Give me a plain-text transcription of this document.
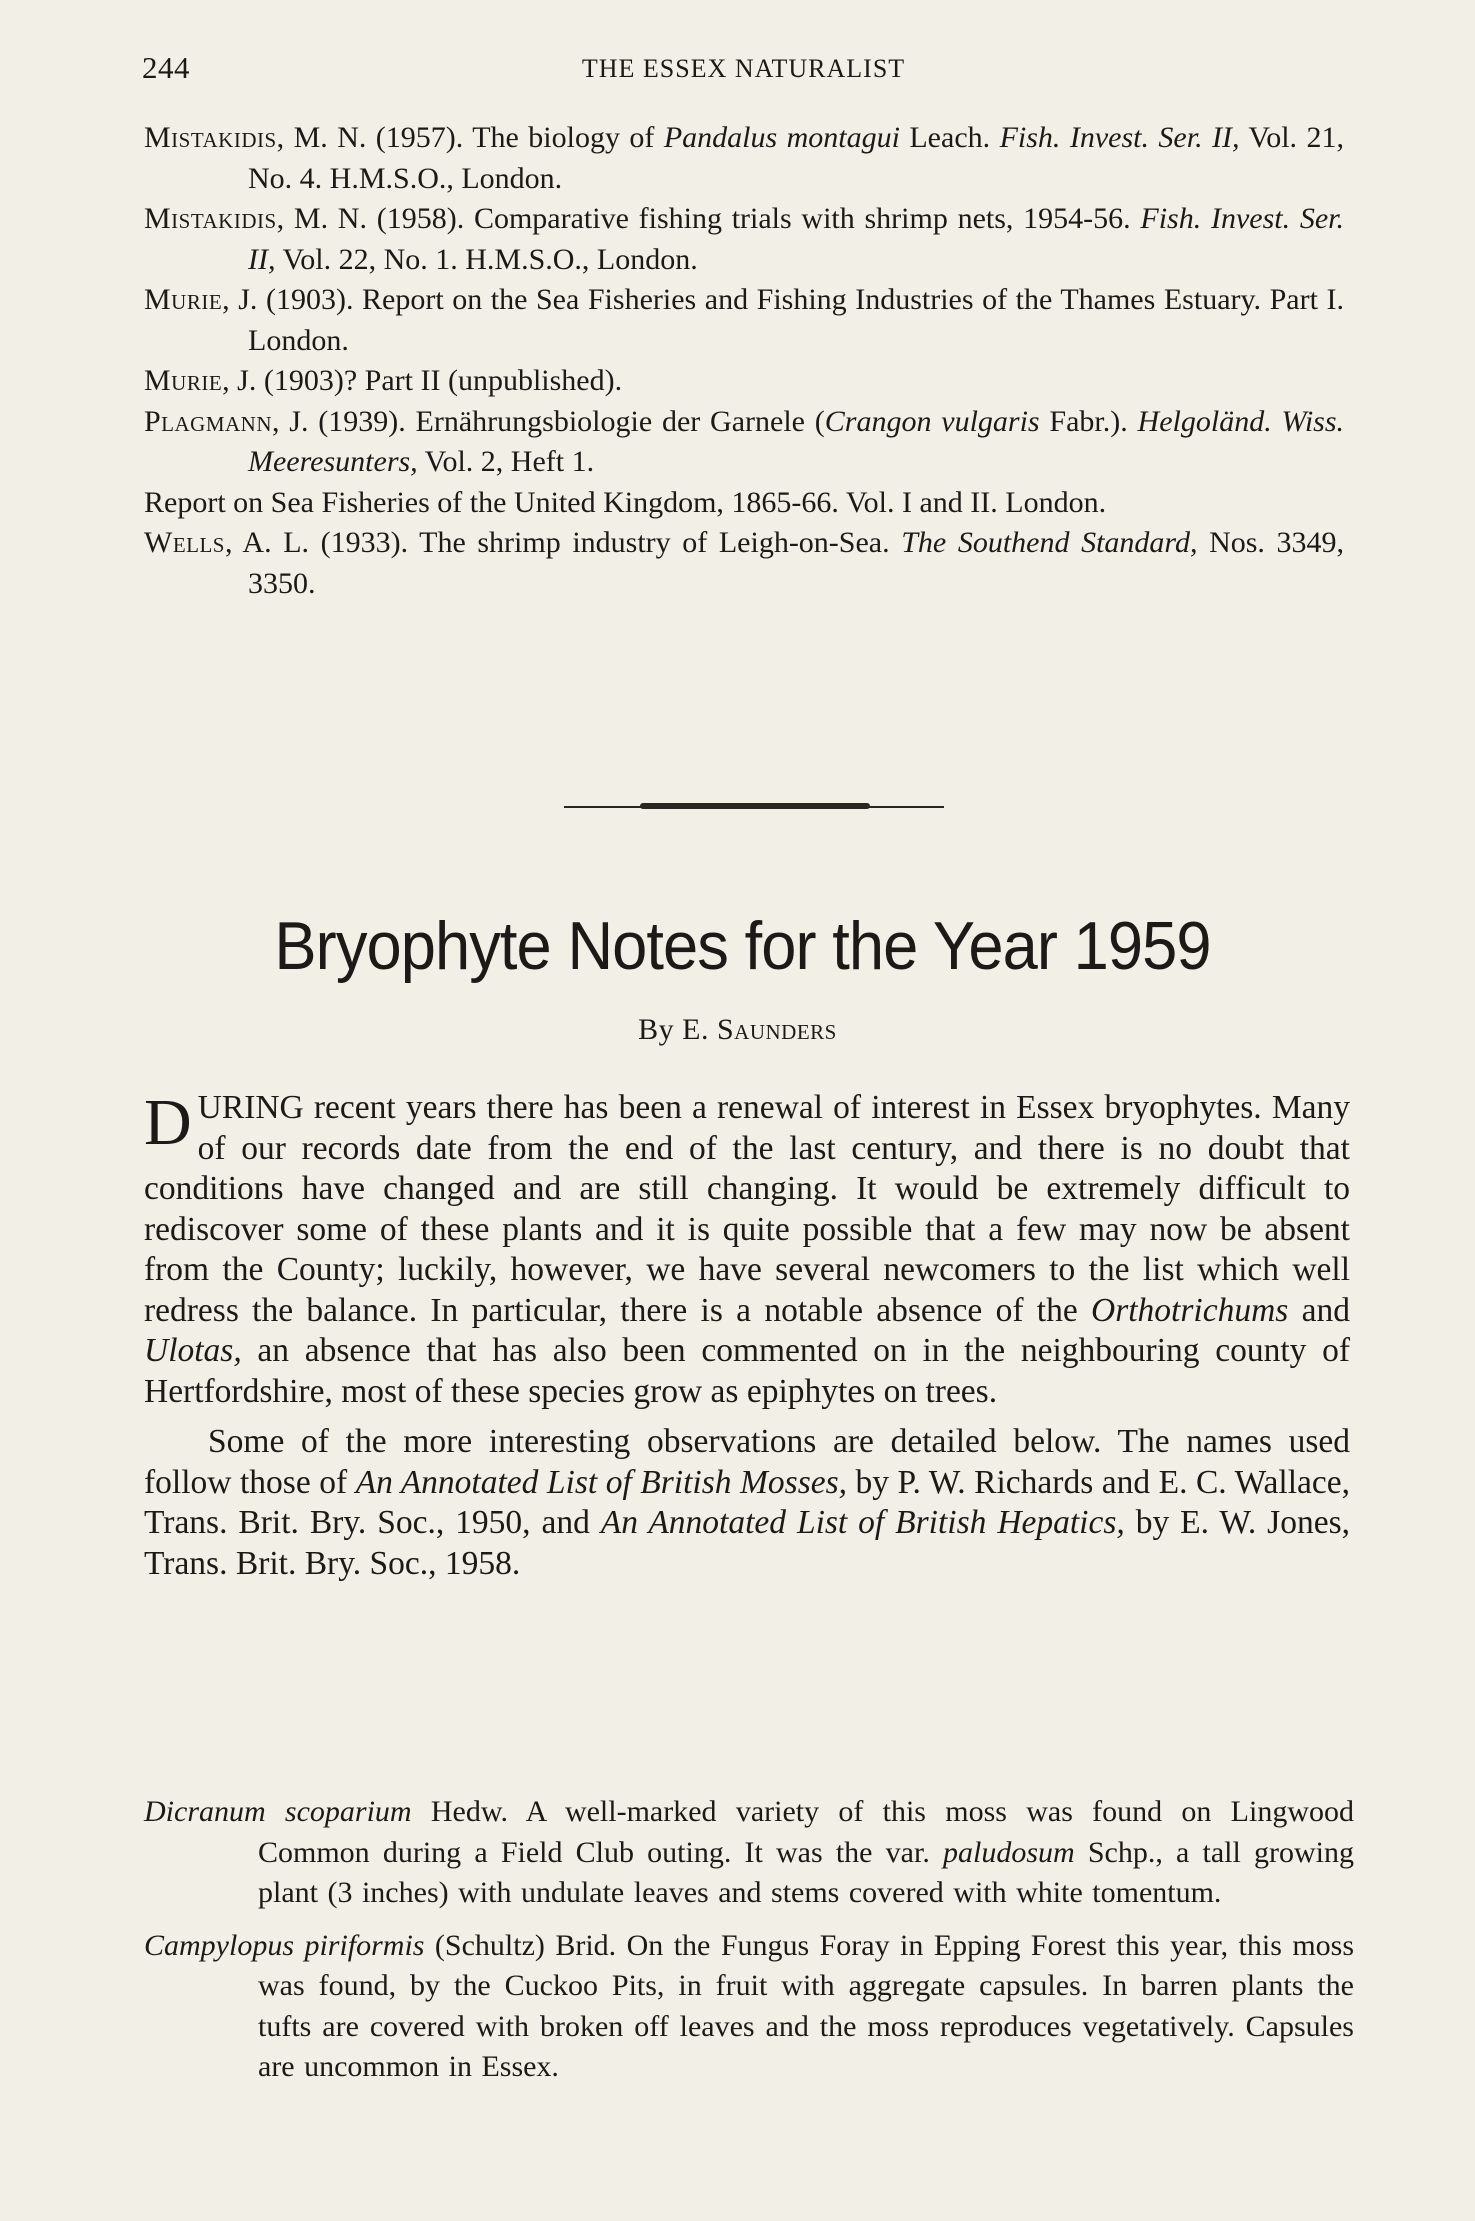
244	THE ESSEX NATURALIST

Mistakidis, M. N. (1957). The biology of Pandalus montagui Leach. Fish. Invest. Ser. II, Vol. 21, No. 4. H.M.S.O., London.

Mistakidis, M. N. (1958). Comparative fishing trials with shrimp nets, 1954-56. Fish. Invest. Ser. II, Vol. 22, No. 1. H.M.S.O., London.

Murie, J. (1903). Report on the Sea Fisheries and Fishing Industries of the Thames Estuary. Part I. London.

Murie, J. (1903)? Part II (unpublished).

Plagmann, J. (1939). Ernährungsbiologie der Garnele (Crangon vulgaris Fabr.). Helgoländ. Wiss. Meeresunters, Vol. 2, Heft 1.

Report on Sea Fisheries of the United Kingdom, 1865-66. Vol. I and II. London.

Wells, A. L. (1933). The shrimp industry of Leigh-on-Sea. The Southend Standard, Nos. 3349, 3350.

Bryophyte Notes for the Year 1959
By E. Saunders

DURING recent years there has been a renewal of interest in Essex bryophytes. Many of our records date from the end of the last century, and there is no doubt that conditions have changed and are still changing. It would be extremely difficult to rediscover some of these plants and it is quite possible that a few may now be absent from the County; luckily, however, we have several newcomers to the list which well redress the balance. In particular, there is a notable absence of the Orthotrichums and Ulotas, an absence that has also been commented on in the neighbouring county of Hertfordshire, most of these species grow as epiphytes on trees.

Some of the more interesting observations are detailed below. The names used follow those of An Annotated List of British Mosses, by P. W. Richards and E. C. Wallace, Trans. Brit. Bry. Soc., 1950, and An Annotated List of British Hepatics, by E. W. Jones, Trans. Brit. Bry. Soc., 1958.

Dicranum scoparium Hedw. A well-marked variety of this moss was found on Lingwood Common during a Field Club outing. It was the var. paludosum Schp., a tall growing plant (3 inches) with undulate leaves and stems covered with white tomentum.

Campylopus piriformis (Schultz) Brid. On the Fungus Foray in Epping Forest this year, this moss was found, by the Cuckoo Pits, in fruit with aggregate capsules. In barren plants the tufts are covered with broken off leaves and the moss reproduces vegetatively. Capsules are uncommon in Essex.
